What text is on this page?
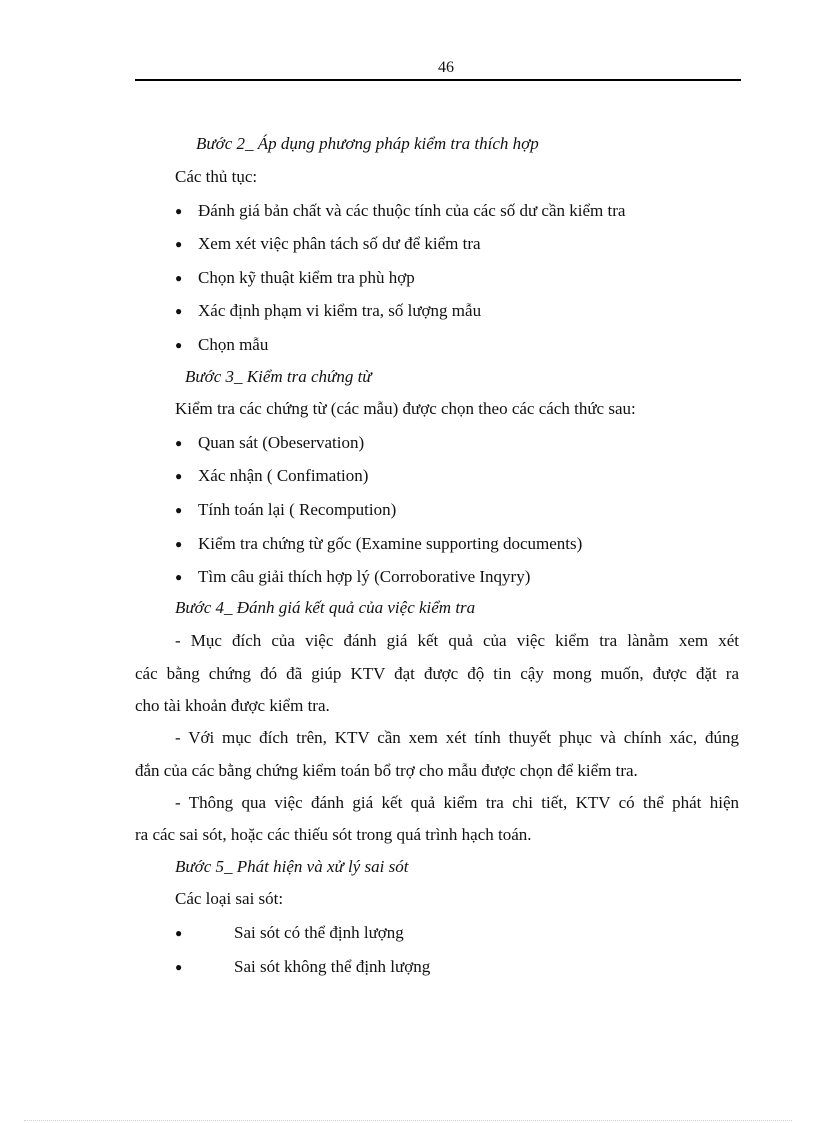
46
Bước 2_ Áp dụng phương pháp kiểm tra thích hợp
Các thủ tục:
● Đánh giá bản chất và các thuộc tính của các số dư cần kiểm tra
● Xem xét việc phân tách số dư để kiểm tra
● Chọn kỹ thuật kiểm tra phù hợp
● Xác định phạm vi kiểm tra, số lượng mẫu
● Chọn mẫu
Bước 3_ Kiểm tra chứng từ
Kiểm tra các chứng từ (các mẫu) được chọn theo các cách thức sau:
● Quan sát (Obeservation)
● Xác nhận ( Confimation)
● Tính toán lại ( Recompution)
● Kiểm tra chứng từ gốc (Examine supporting documents)
● Tìm câu giải thích hợp lý (Corroborative Inqyry)
Bước 4_ Đánh giá kết quả của việc kiểm tra
- Mục đích của việc đánh giá kết quả của việc kiểm tra lànằm xem xét
các bằng chứng đó đã giúp KTV đạt được độ tin cậy mong muốn, được đặt ra
cho tài khoản được kiểm tra.
- Với mục đích trên, KTV cần xem xét tính thuyết phục và chính xác, đúng
đắn của các bằng chứng kiểm toán bổ trợ cho mẫu được chọn để kiểm tra.
- Thông qua việc đánh giá kết quả kiểm tra chi tiết, KTV có thể phát hiện
ra các sai sót, hoặc các thiếu sót trong quá trình hạch toán.
Bước 5_ Phát hiện và xử lý sai sót
Các loại sai sót:
●	Sai sót có thể định lượng
●	Sai sót không thể định lượng
